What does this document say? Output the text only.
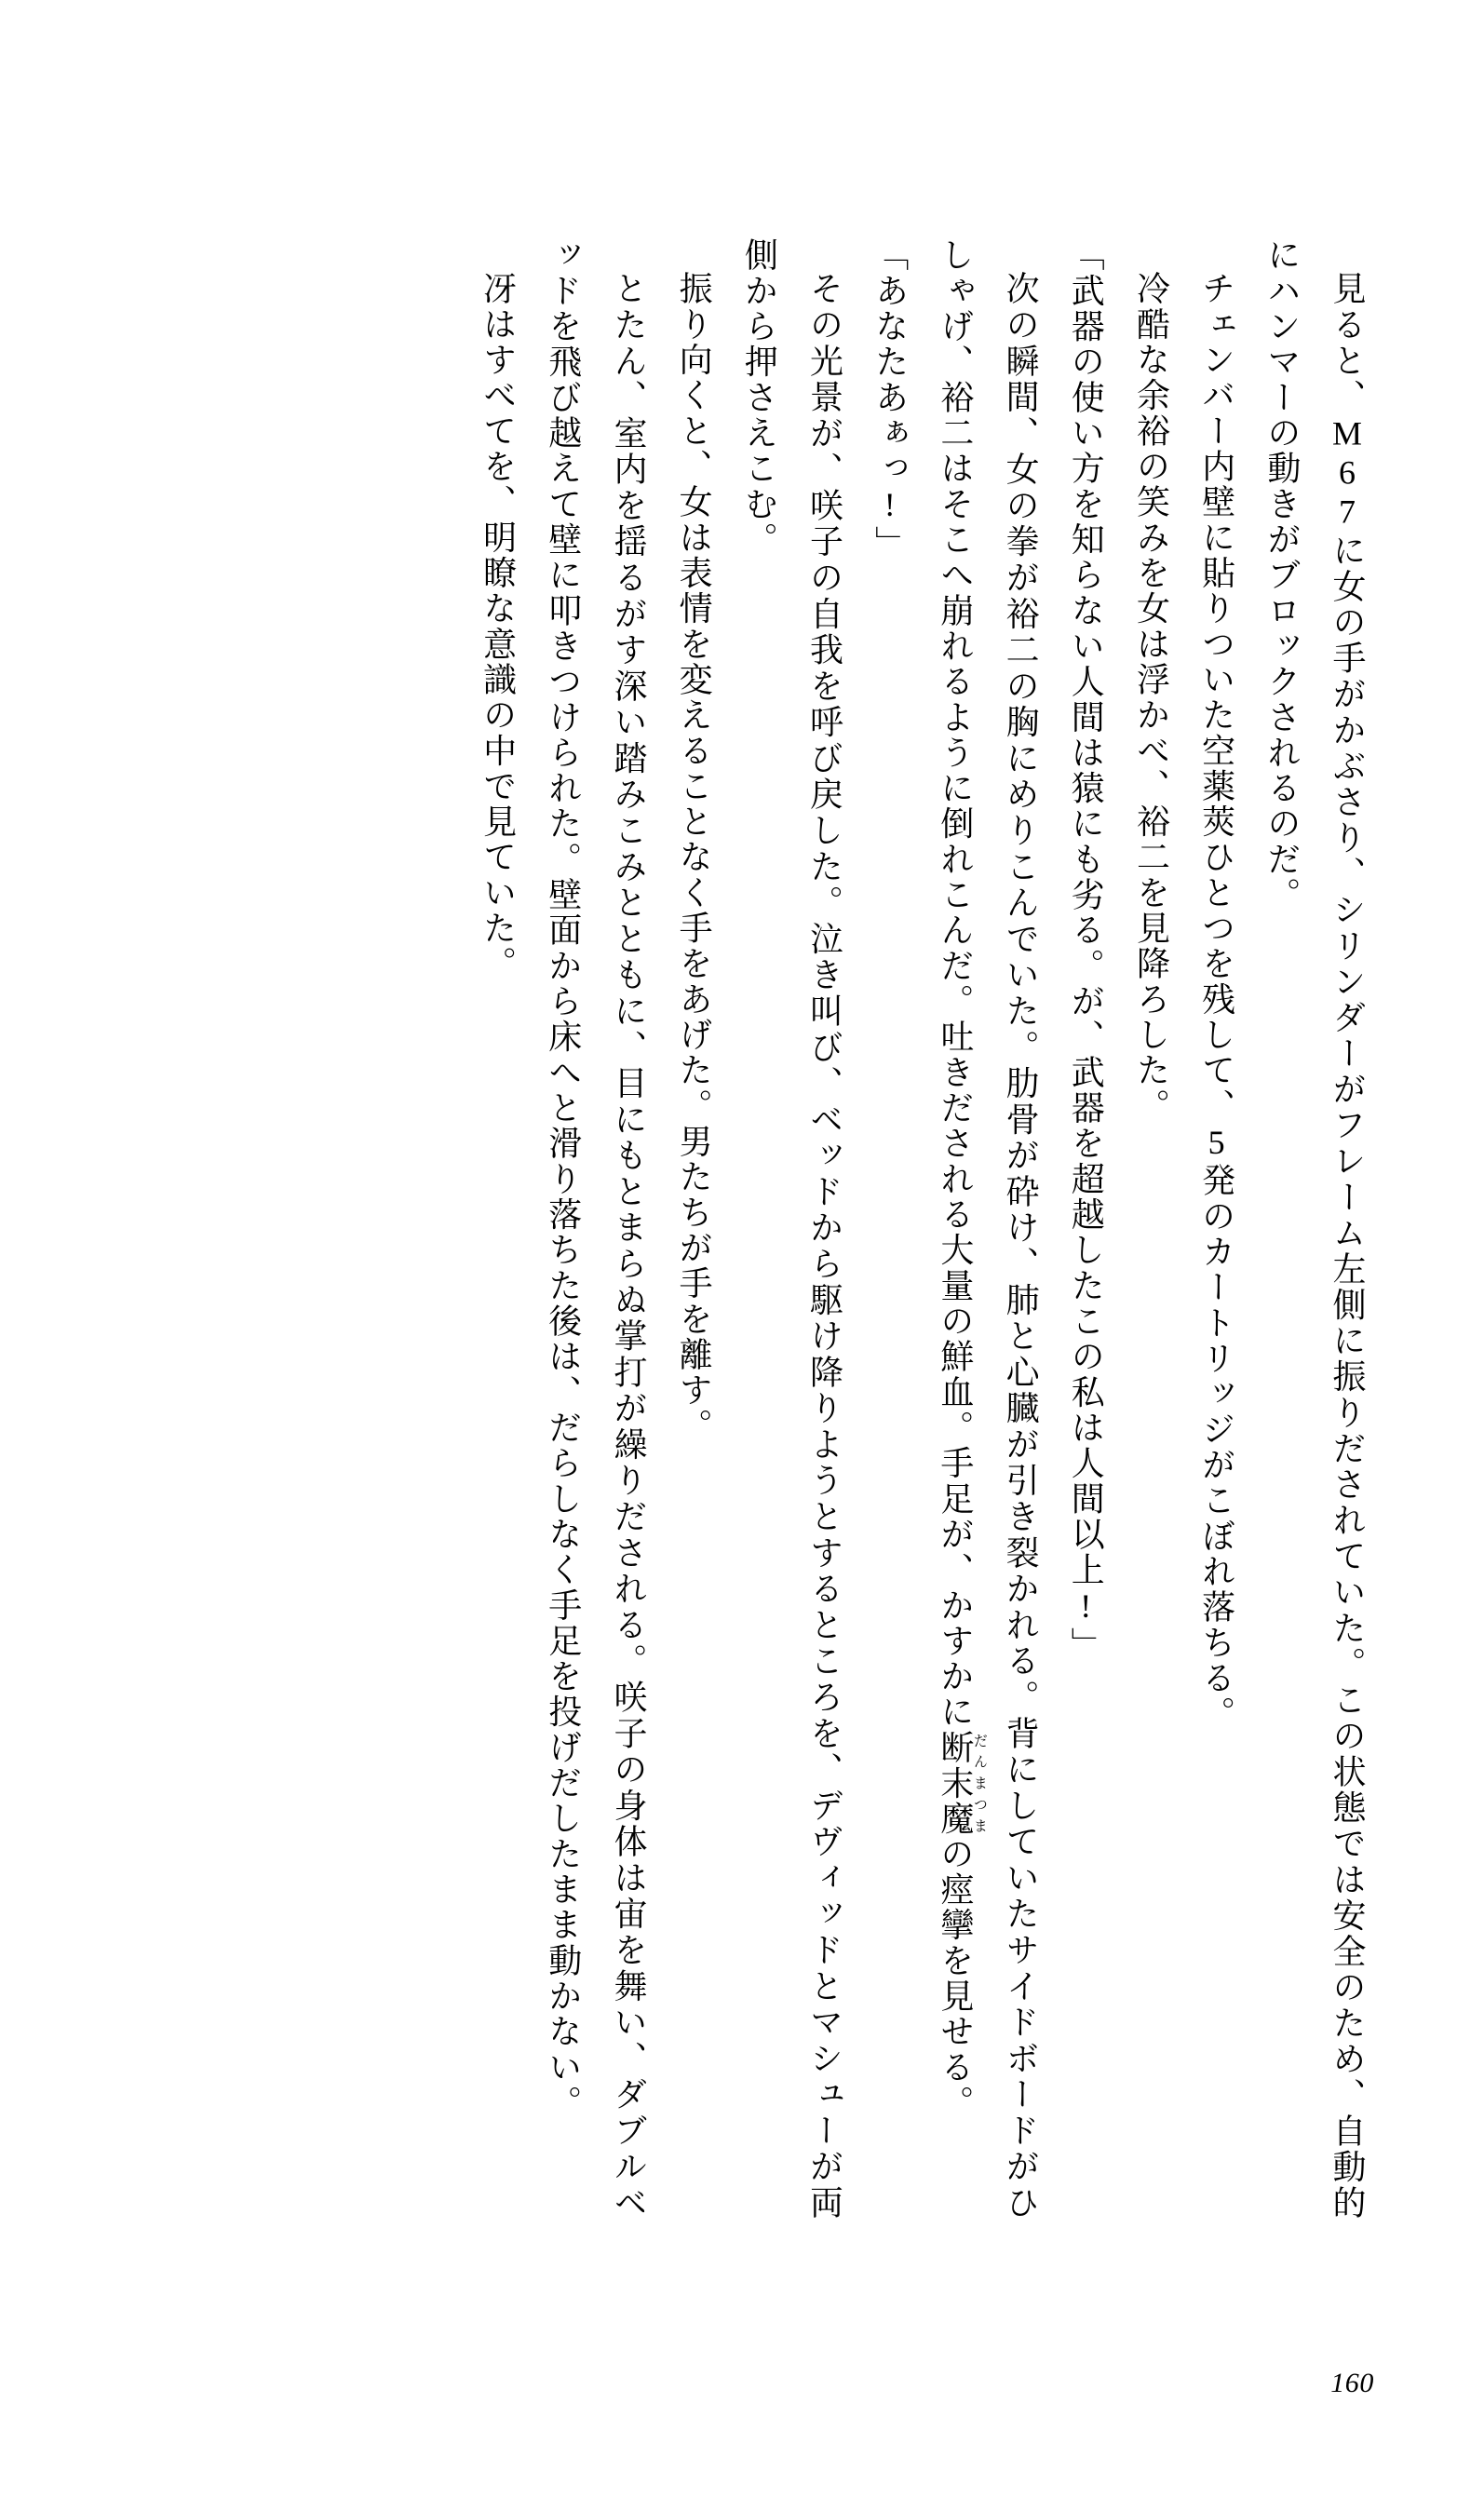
見ると、M67に女の手がかぶさり、シリンダーがフレーム左側に振りだされていた。この状態では安全のため、自動的にハンマーの動きがブロックされるのだ。

チェンバー内壁に貼りついた空薬莢ひとつを残して、5発のカートリッジがこぼれ落ちる。

冷酷な余裕の笑みを女は浮かべ、裕二を見降ろした。

「武器の使い方を知らない人間は猿にも劣る。が、武器を超越したこの私は人間以上!」

次の瞬間、女の拳が裕二の胸にめりこんでいた。肋骨が砕け、肺と心臓が引き裂かれる。背にしていたサイドボードがひしゃげ、裕二はそこへ崩れるように倒れこんだ。吐きだされる大量の鮮血。手足が、かすかに断末魔だんまつまの痙攣を見せる。

「あなたあぁっ!」

その光景が、咲子の自我を呼び戻した。泣き叫び、ベッドから駆け降りようとするところを、デヴィッドとマシューが両側から押さえこむ。

振り向くと、女は表情を変えることなく手をあげた。男たちが手を離す。

とたん、室内を揺るがす深い踏みこみとともに、目にもとまらぬ掌打が繰りだされる。咲子の身体は宙を舞い、ダブルベッドを飛び越えて壁に叩きつけられた。壁面から床へと滑り落ちた後は、だらしなく手足を投げだしたまま動かない。

冴はすべてを、明瞭な意識の中で見ていた。

160
